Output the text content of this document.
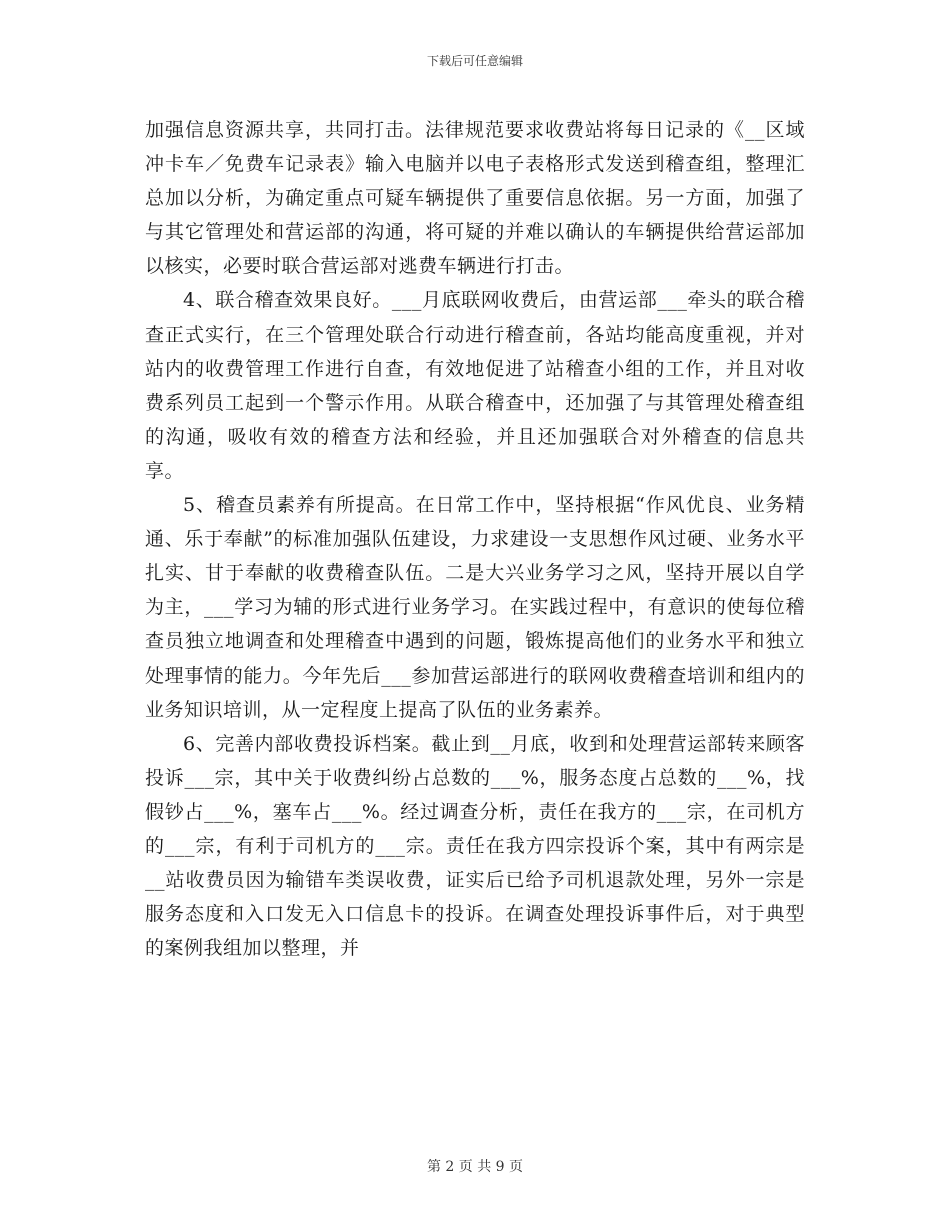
下载后可任意编辑

加强信息资源共享，共同打击。法律规范要求收费站将每日记录的《__区域冲卡车／免费车记录表》输入电脑并以电子表格形式发送到稽查组，整理汇总加以分析，为确定重点可疑车辆提供了重要信息依据。另一方面，加强了与其它管理处和营运部的沟通，将可疑的并难以确认的车辆提供给营运部加以核实，必要时联合营运部对逃费车辆进行打击。

4、联合稽查效果良好。___月底联网收费后，由营运部___牵头的联合稽查正式实行，在三个管理处联合行动进行稽查前，各站均能高度重视，并对站内的收费管理工作进行自查，有效地促进了站稽查小组的工作，并且对收费系列员工起到一个警示作用。从联合稽查中，还加强了与其管理处稽查组的沟通，吸收有效的稽查方法和经验，并且还加强联合对外稽查的信息共享。

5、稽查员素养有所提高。在日常工作中，坚持根据“作风优良、业务精通、乐于奉献”的标准加强队伍建设，力求建设一支思想作风过硬、业务水平扎实、甘于奉献的收费稽查队伍。二是大兴业务学习之风，坚持开展以自学为主，___学习为辅的形式进行业务学习。在实践过程中，有意识的使每位稽查员独立地调查和处理稽查中遇到的问题，锻炼提高他们的业务水平和独立处理事情的能力。今年先后___参加营运部进行的联网收费稽查培训和组内的业务知识培训，从一定程度上提高了队伍的业务素养。

6、完善内部收费投诉档案。截止到__月底，收到和处理营运部转来顾客投诉___宗，其中关于收费纠纷占总数的___%，服务态度占总数的___%，找假钞占___%，塞车占___%。经过调查分析，责任在我方的___宗，在司机方的___宗，有利于司机方的___宗。责任在我方四宗投诉个案，其中有两宗是__站收费员因为输错车类误收费，证实后已给予司机退款处理，另外一宗是服务态度和入口发无入口信息卡的投诉。在调查处理投诉事件后，对于典型的案例我组加以整理，并

第 2 页 共 9 页
